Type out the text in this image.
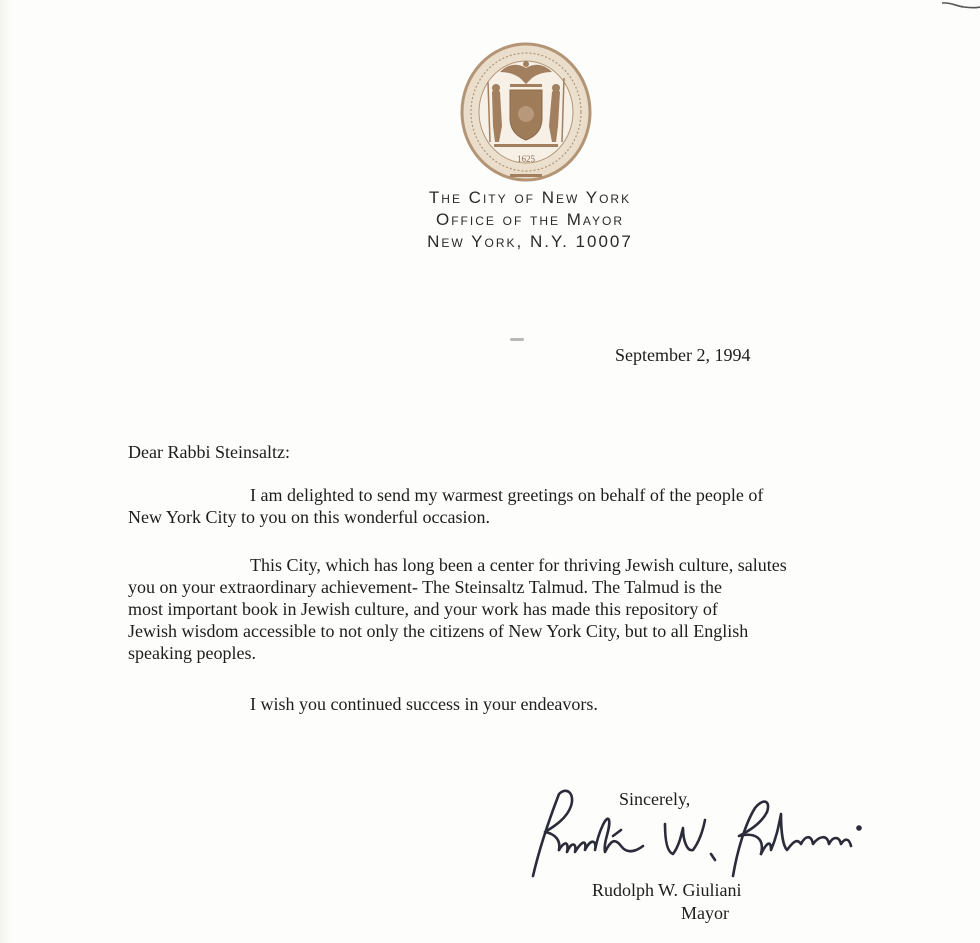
1625
The City of New York
Office of the Mayor
New York, N.Y. 10007
September 2, 1994
Dear Rabbi Steinsaltz:
I am delighted to send my warmest greetings on behalf of the people of
New York City to you on this wonderful occasion.
This City, which has long been a center for thriving Jewish culture, salutes
you on your extraordinary achievement- The Steinsaltz Talmud. The Talmud is the
most important book in Jewish culture, and your work has made this repository of
Jewish wisdom accessible to not only the citizens of New York City, but to all English
speaking peoples.
I wish you continued success in your endeavors.
Sincerely,
Rudolph W. Giuliani
Mayor
